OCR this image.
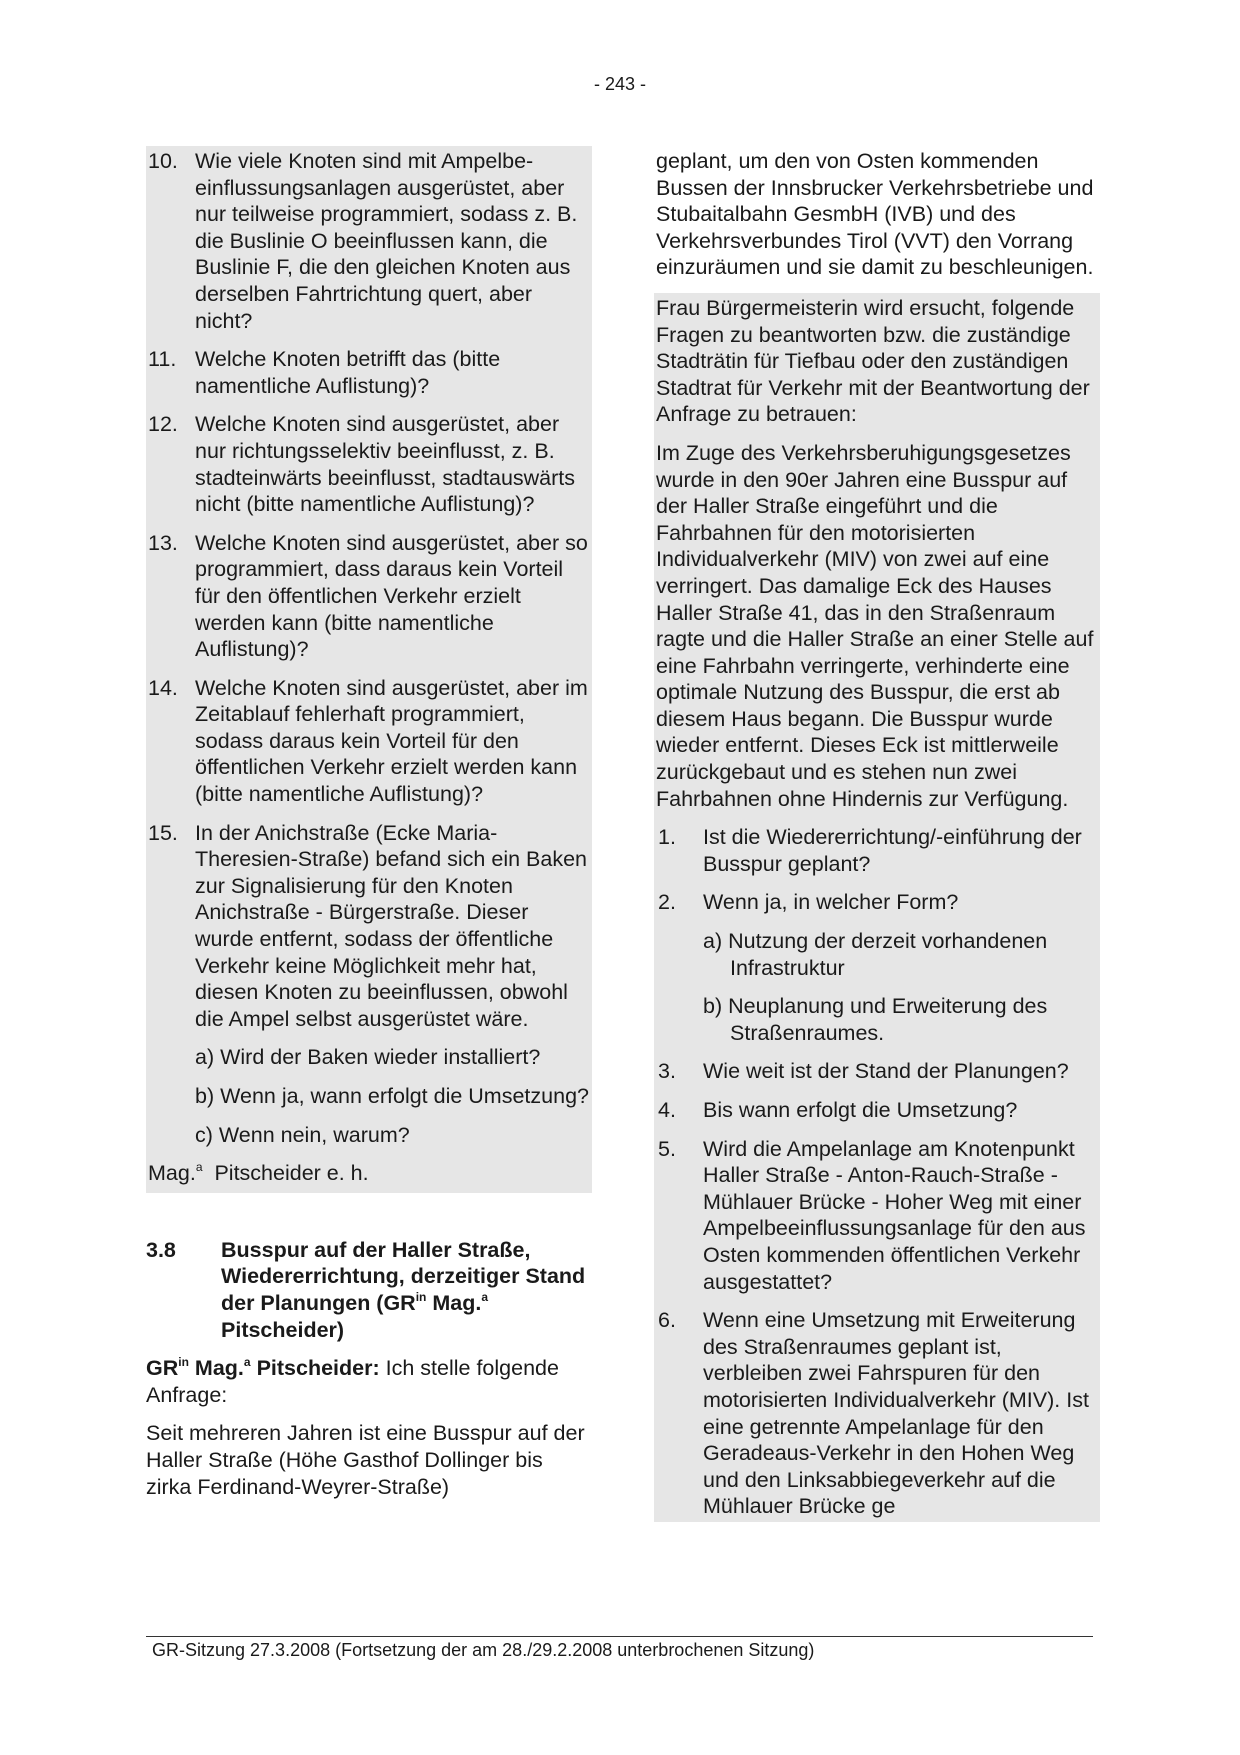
- 243 -
10. Wie viele Knoten sind mit Ampelbeeinflussungsanlagen ausgerüstet, aber nur teilweise programmiert, sodass z. B. die Buslinie O beeinflussen kann, die Buslinie F, die den gleichen Knoten aus derselben Fahrtrichtung quert, aber nicht?
11. Welche Knoten betrifft das (bitte namentliche Auflistung)?
12. Welche Knoten sind ausgerüstet, aber nur richtungsselektiv beeinflusst, z. B. stadteinwärts beeinflusst, stadtauswärts nicht (bitte namentliche Auflistung)?
13. Welche Knoten sind ausgerüstet, aber so programmiert, dass daraus kein Vorteil für den öffentlichen Verkehr erzielt werden kann (bitte namentliche Auflistung)?
14. Welche Knoten sind ausgerüstet, aber im Zeitablauf fehlerhaft programmiert, sodass daraus kein Vorteil für den öffentlichen Verkehr erzielt werden kann (bitte namentliche Auflistung)?
15. In der Anichstraße (Ecke Maria-Theresien-Straße) befand sich ein Baken zur Signalisierung für den Knoten Anichstraße - Bürgerstraße. Dieser wurde entfernt, sodass der öffentliche Verkehr keine Möglichkeit mehr hat, diesen Knoten zu beeinflussen, obwohl die Ampel selbst ausgerüstet wäre.
a) Wird der Baken wieder installiert?
b) Wenn ja, wann erfolgt die Umsetzung?
c) Wenn nein, warum?
Mag.$^a$ Pitscheider e. h.
3.8	Busspur auf der Haller Straße, Wiedererrichtung, derzeitiger Stand der Planungen ($GR^{in}$ Mag.$^a$ Pitscheider)
$GR^{in}$ Mag.$^a$ Pitscheider: Ich stelle folgende Anfrage:
Seit mehreren Jahren ist eine Busspur auf der Haller Straße (Höhe Gasthof Dollinger bis zirka Ferdinand-Weyrer-Straße)
geplant, um den von Osten kommenden Bussen der Innsbrucker Verkehrsbetriebe und Stubaitalbahn GesmbH (IVB) und des Verkehrsverbundes Tirol (VVT) den Vorrang einzuräumen und sie damit zu beschleunigen.
Frau Bürgermeisterin wird ersucht, folgende Fragen zu beantworten bzw. die zuständige Stadträtin für Tiefbau oder den zuständigen Stadtrat für Verkehr mit der Beantwortung der Anfrage zu betrauen:
Im Zuge des Verkehrsberuhigungsgesetzes wurde in den 90er Jahren eine Busspur auf der Haller Straße eingeführt und die Fahrbahnen für den motorisierten Individualverkehr (MIV) von zwei auf eine verringert. Das damalige Eck des Hauses Haller Straße 41, das in den Straßenraum ragte und die Haller Straße an einer Stelle auf eine Fahrbahn verringerte, verhinderte eine optimale Nutzung des Busspur, die erst ab diesem Haus begann. Die Busspur wurde wieder entfernt. Dieses Eck ist mittlerweile zurückgebaut und es stehen nun zwei Fahrbahnen ohne Hindernis zur Verfügung.
1.	Ist die Wiedererrichtung/-einführung der Busspur geplant?
2.	Wenn ja, in welcher Form?
a) Nutzung der derzeit vorhandenen Infrastruktur
b) Neuplanung und Erweiterung des Straßenraumes.
3.	Wie weit ist der Stand der Planungen?
4.	Bis wann erfolgt die Umsetzung?
5.	Wird die Ampelanlage am Knotenpunkt Haller Straße - Anton-Rauch-Straße - Mühlauer Brücke - Hoher Weg mit einer Ampelbeeinflussungsanlage für den aus Osten kommenden öffentlichen Verkehr ausgestattet?
6.	Wenn eine Umsetzung mit Erweiterung des Straßenraumes geplant ist, verbleiben zwei Fahrspuren für den motorisierten Individualverkehr (MIV). Ist eine getrennte Ampelanlage für den Geradeaus-Verkehr in den Hohen Weg und den Linksabbiegeverkehr auf die Mühlauer Brücke ge
GR-Sitzung 27.3.2008 (Fortsetzung der am 28./29.2.2008 unterbrochenen Sitzung)
